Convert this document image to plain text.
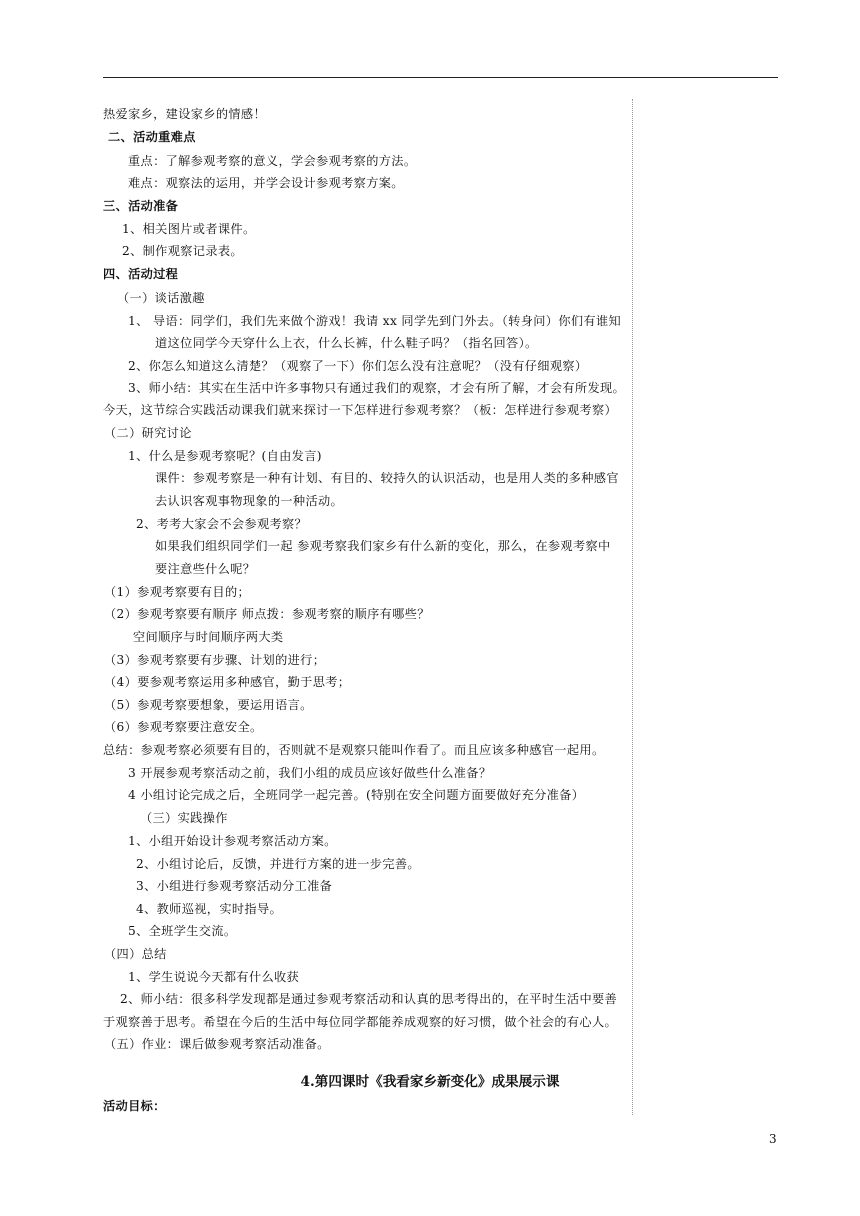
热爱家乡，建设家乡的情感！
二、活动重难点
重点：了解参观考察的意义，学会参观考察的方法。
难点：观察法的运用，并学会设计参观考察方案。
三、活动准备
1、相关图片或者课件。
2、制作观察记录表。
四、活动过程
（一）谈话激趣
1、 导语：同学们，我们先来做个游戏！我请 xx 同学先到门外去。（转身问）你们有谁知
道这位同学今天穿什么上衣，什么长裤，什么鞋子吗？（指名回答）。
2、你怎么知道这么清楚？（观察了一下）你们怎么没有注意呢？（没有仔细观察）
3、师小结：其实在生活中许多事物只有通过我们的观察，才会有所了解，才会有所发现。
今天，这节综合实践活动课我们就来探讨一下怎样进行参观考察？（板：怎样进行参观考察）
（二）研究讨论
1、什么是参观考察呢？(自由发言)
课件：参观考察是一种有计划、有目的、较持久的认识活动，也是用人类的多种感官
去认识客观事物现象的一种活动。
2、考考大家会不会参观考察？
如果我们组织同学们一起 参观考察我们家乡有什么新的变化，那么，在参观考察中
要注意些什么呢？
（1）参观考察要有目的；
（2）参观考察要有顺序 师点拨：参观考察的顺序有哪些？
空间顺序与时间顺序两大类
（3）参观考察要有步骤、计划的进行；
（4）要参观考察运用多种感官，勤于思考；
（5）参观考察要想象，要运用语言。
（6）参观考察要注意安全。
总结：参观考察必须要有目的，否则就不是观察只能叫作看了。而且应该多种感官一起用。
3 开展参观考察活动之前，我们小组的成员应该好做些什么准备？
4 小组讨论完成之后，全班同学一起完善。(特别在安全问题方面要做好充分准备）
（三）实践操作
1、小组开始设计参观考察活动方案。
2、小组讨论后，反馈，并进行方案的进一步完善。
3、小组进行参观考察活动分工准备
4、教师巡视，实时指导。
5、全班学生交流。
（四）总结
1、学生说说今天都有什么收获
2、师小结：很多科学发现都是通过参观考察活动和认真的思考得出的，在平时生活中要善
于观察善于思考。希望在今后的生活中每位同学都能养成观察的好习惯，做个社会的有心人。
（五）作业：课后做参观考察活动准备。
4.第四课时《我看家乡新变化》成果展示课
活动目标：
3
